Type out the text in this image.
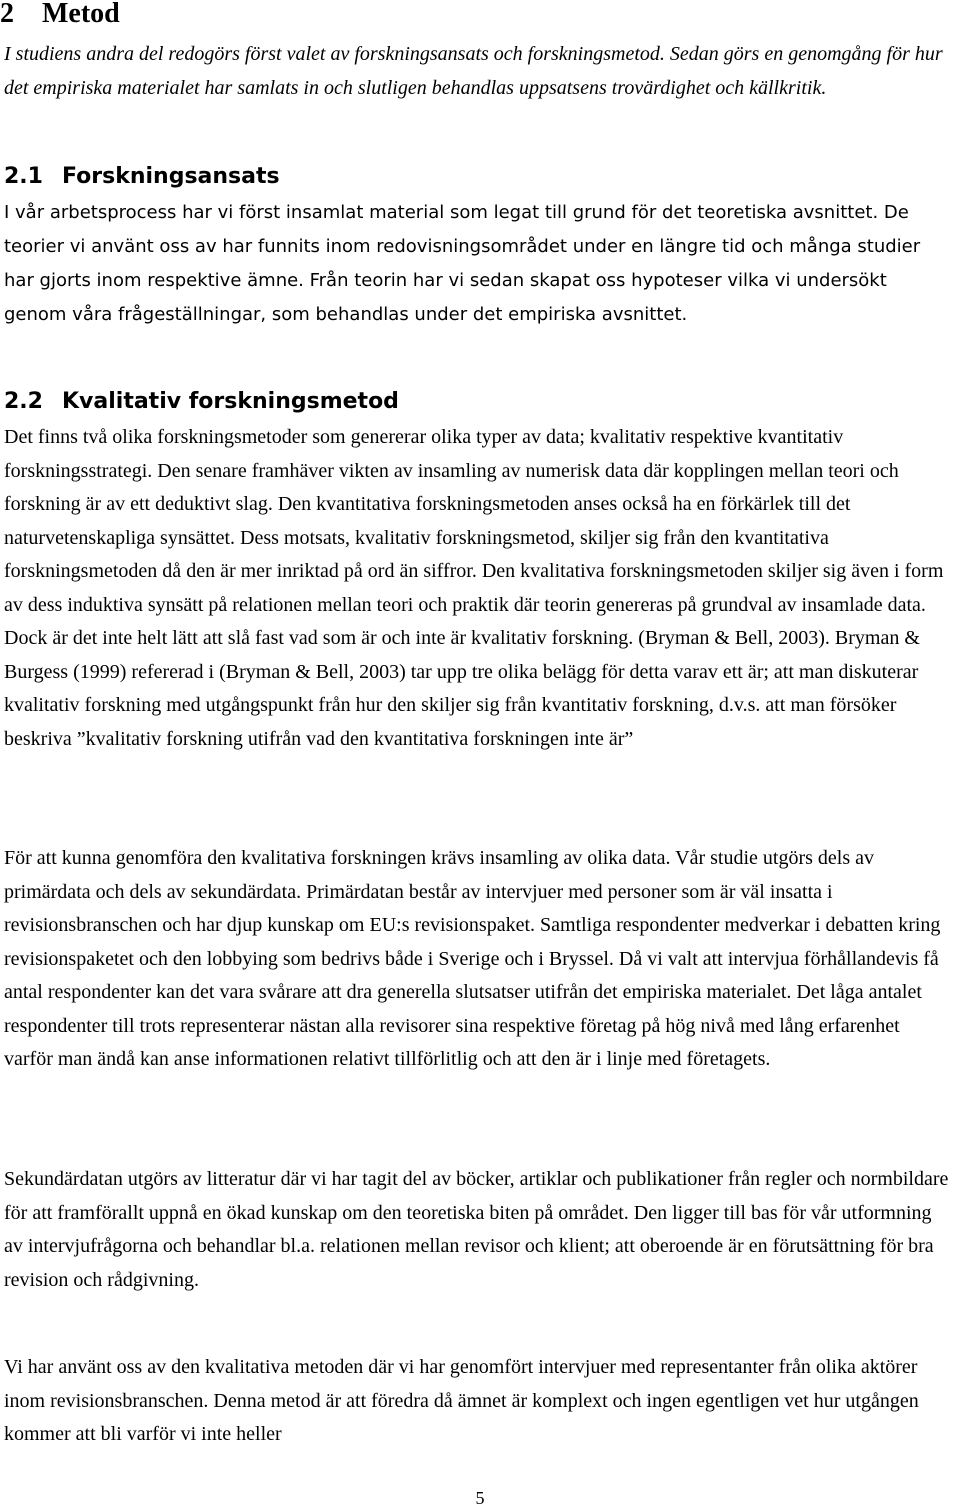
2 Metod
I studiens andra del redogörs först valet av forskningsansats och forskningsmetod. Sedan görs en genomgång för hur det empiriska materialet har samlats in och slutligen behandlas uppsatsens trovärdighet och källkritik.
2.1 Forskningsansats
I vår arbetsprocess har vi först insamlat material som legat till grund för det teoretiska avsnittet. De teorier vi använt oss av har funnits inom redovisningsområdet under en längre tid och många studier har gjorts inom respektive ämne. Från teorin har vi sedan skapat oss hypoteser vilka vi undersökt genom våra frågeställningar, som behandlas under det empiriska avsnittet.
2.2 Kvalitativ forskningsmetod
Det finns två olika forskningsmetoder som genererar olika typer av data; kvalitativ respektive kvantitativ forskningsstrategi. Den senare framhäver vikten av insamling av numerisk data där kopplingen mellan teori och forskning är av ett deduktivt slag. Den kvantitativa forskningsmetoden anses också ha en förkärlek till det naturvetenskapliga synsättet. Dess motsats, kvalitativ forskningsmetod, skiljer sig från den kvantitativa forskningsmetoden då den är mer inriktad på ord än siffror. Den kvalitativa forskningsmetoden skiljer sig även i form av dess induktiva synsätt på relationen mellan teori och praktik där teorin genereras på grundval av insamlade data. Dock är det inte helt lätt att slå fast vad som är och inte är kvalitativ forskning. (Bryman & Bell, 2003). Bryman & Burgess (1999) refererad i (Bryman & Bell, 2003) tar upp tre olika belägg för detta varav ett är; att man diskuterar kvalitativ forskning med utgångspunkt från hur den skiljer sig från kvantitativ forskning, d.v.s. att man försöker beskriva ”kvalitativ forskning utifrån vad den kvantitativa forskningen inte är”
För att kunna genomföra den kvalitativa forskningen krävs insamling av olika data. Vår studie utgörs dels av primärdata och dels av sekundärdata. Primärdatan består av intervjuer med personer som är väl insatta i revisionsbranschen och har djup kunskap om EU:s revisionspaket. Samtliga respondenter medverkar i debatten kring revisionspaketet och den lobbying som bedrivs både i Sverige och i Bryssel. Då vi valt att intervjua förhållandevis få antal respondenter kan det vara svårare att dra generella slutsatser utifrån det empiriska materialet. Det låga antalet respondenter till trots representerar nästan alla revisorer sina respektive företag på hög nivå med lång erfarenhet varför man ändå kan anse informationen relativt tillförlitlig och att den är i linje med företagets.
Sekundärdatan utgörs av litteratur där vi har tagit del av böcker, artiklar och publikationer från regler och normbildare för att framförallt uppnå en ökad kunskap om den teoretiska biten på området. Den ligger till bas för vår utformning av intervjufrågorna och behandlar bl.a. relationen mellan revisor och klient; att oberoende är en förutsättning för bra revision och rådgivning.
Vi har använt oss av den kvalitativa metoden där vi har genomfört intervjuer med representanter från olika aktörer inom revisionsbranschen. Denna metod är att föredra då ämnet är komplext och ingen egentligen vet hur utgången kommer att bli varför vi inte heller
5
